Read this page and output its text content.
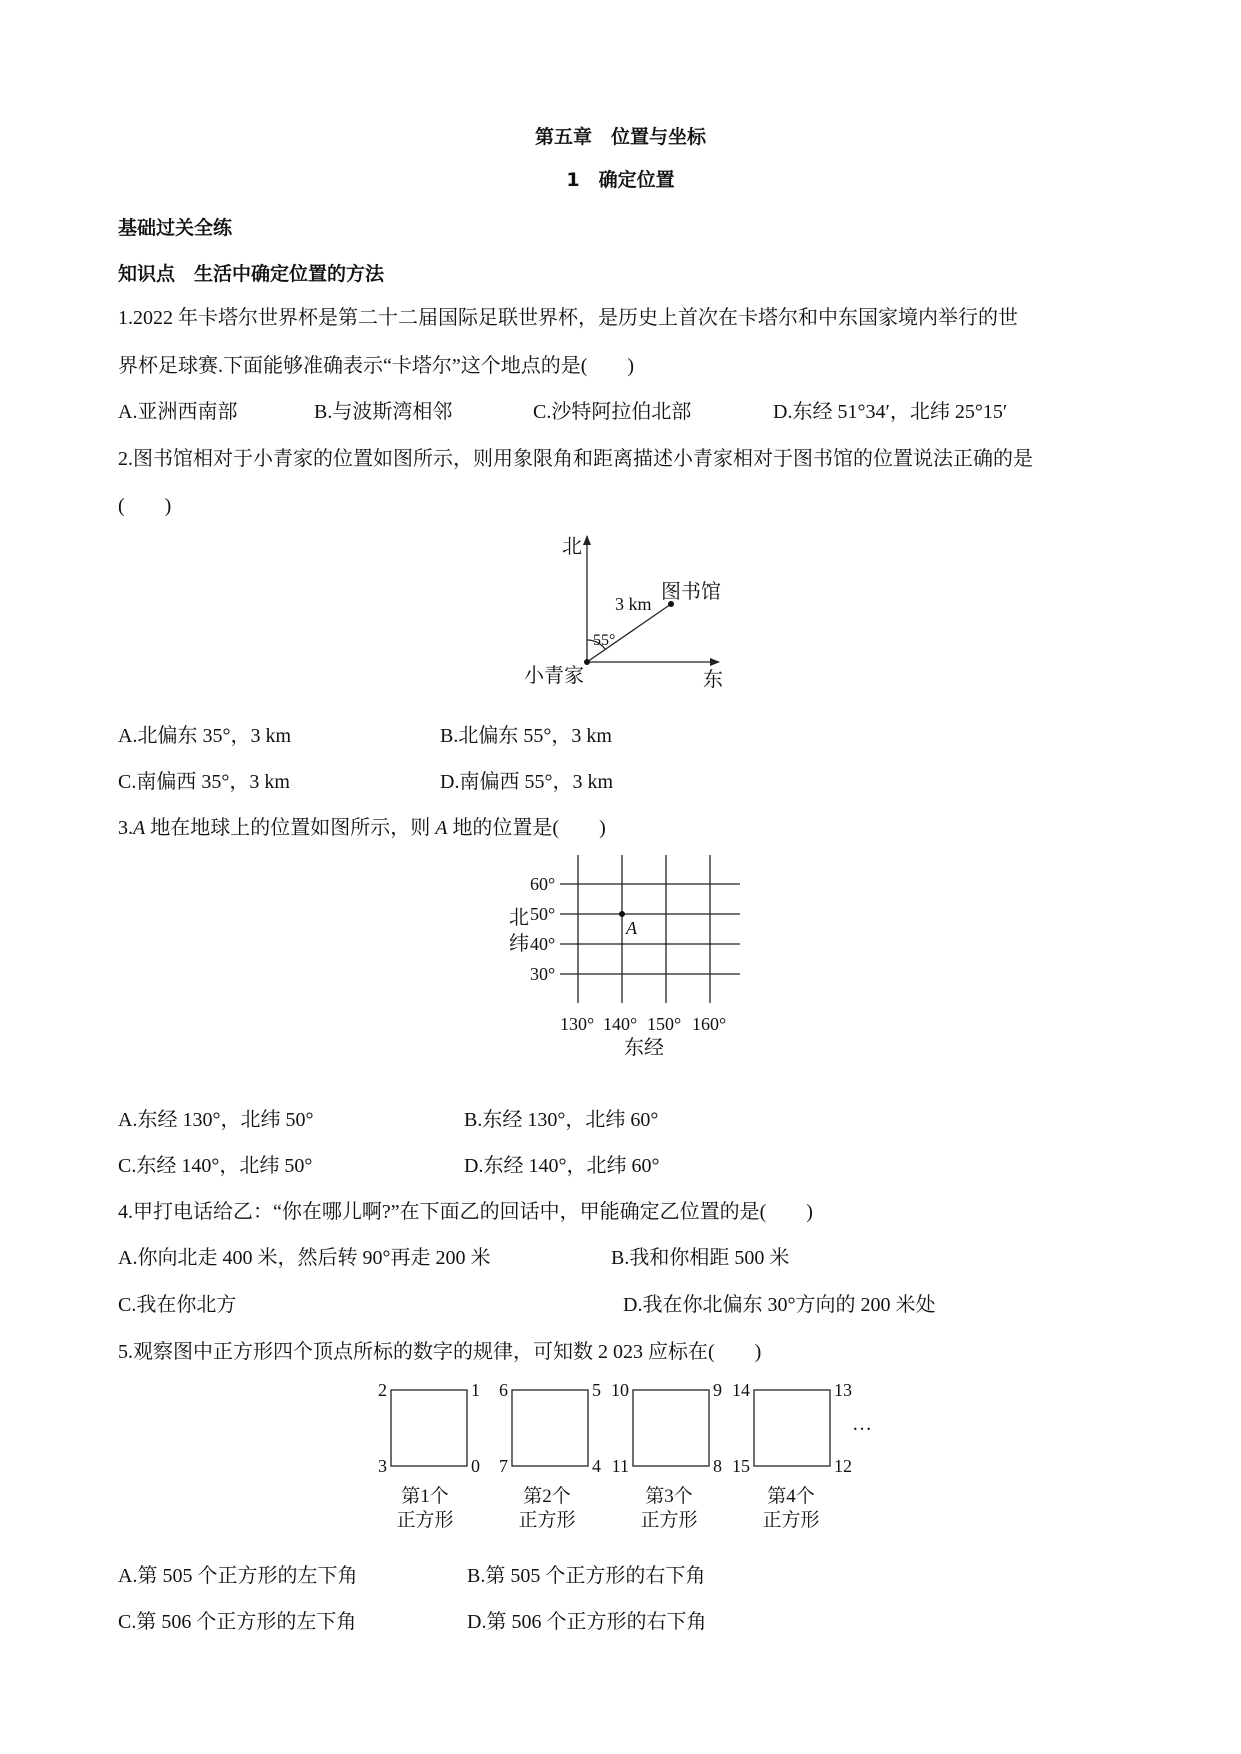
第五章　位置与坐标
1　确定位置
基础过关全练
知识点　生活中确定位置的方法
1.2022 年卡塔尔世界杯是第二十二届国际足联世界杯，是历史上首次在卡塔尔和中东国家境内举行的世
界杯足球赛.下面能够准确表示“卡塔尔”这个地点的是(　　)
A.亚洲西南部	B.与波斯湾相邻	C.沙特阿拉伯北部	D.东经 51°34′，北纬 25°15′
2.图书馆相对于小青家的位置如图所示，则用象限角和距离描述小青家相对于图书馆的位置说法正确的是
(　　)
北
东
小青家
图书馆
3 km
55°
A
60°
50°
40°
30°
北
纬
130° 140° 150° 160°
东经
2	1
3	0
6	5
7	4
10	9
11	8
14	13
15	12
…
第1个
正方形
第2个
正方形
第3个
正方形
第4个
正方形
A.北偏东 35°，3 km	B.北偏东 55°，3 km
C.南偏西 35°，3 km	D.南偏西 55°，3 km
3.A 地在地球上的位置如图所示，则 A 地的位置是(　　)
A.东经 130°，北纬 50°	B.东经 130°，北纬 60°
C.东经 140°，北纬 50°	D.东经 140°，北纬 60°
4.甲打电话给乙：“你在哪儿啊?”在下面乙的回话中，甲能确定乙位置的是(　　)
A.你向北走 400 米，然后转 90°再走 200 米	B.我和你相距 500 米
C.我在你北方	D.我在你北偏东 30°方向的 200 米处
5.观察图中正方形四个顶点所标的数字的规律，可知数 2 023 应标在(　　)
A.第 505 个正方形的左下角	B.第 505 个正方形的右下角
C.第 506 个正方形的左下角	D.第 506 个正方形的右下角
